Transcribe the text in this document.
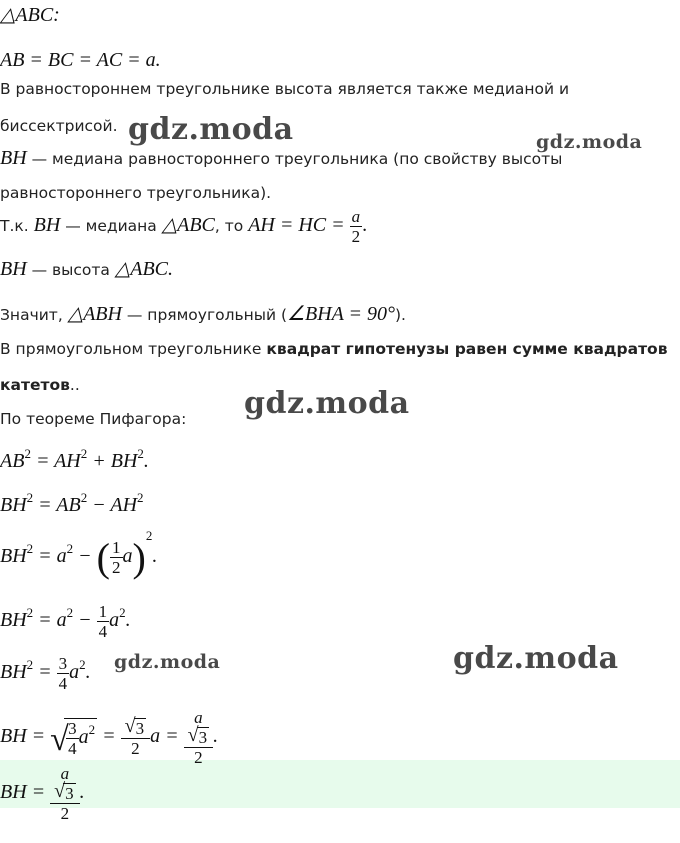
△ABC:
AB = BC = AC = a.
В равностороннем треугольнике высота является также медианой и
биссектрисой.
BH — медиана равностороннего треугольника (по свойству высоты
равностороннего треугольника).
Т.к. BH — медиана △ABC, то AH = HC = $\frac{a}{2}$ .
BH — высота △ABC.
Значит, △ABH — прямоугольный (∠BHA = 90°).
В прямоугольном треугольнике квадрат гипотенузы равен сумме квадратов
катетов..
По теореме Пифагора:
$AB^2 = AH^2 + BH^2$.
$BH^2 = AB^2 - AH^2$
$BH^2 = a^2$ − ( $\frac{1}{2} a)^2$.
$BH^2 = a^2 - \frac{1}{4} a^2$.
$BH^2 = \frac{3}{4} a^2$.
BH = √
$\frac{3}{4} a^2 = \frac{√ 3}{2}$ a = a
√ 3
2 .
BH = a
√ 3
2 .
gdz.moda	gdz.moda
gdz.moda
gdz.moda	gdz.moda
